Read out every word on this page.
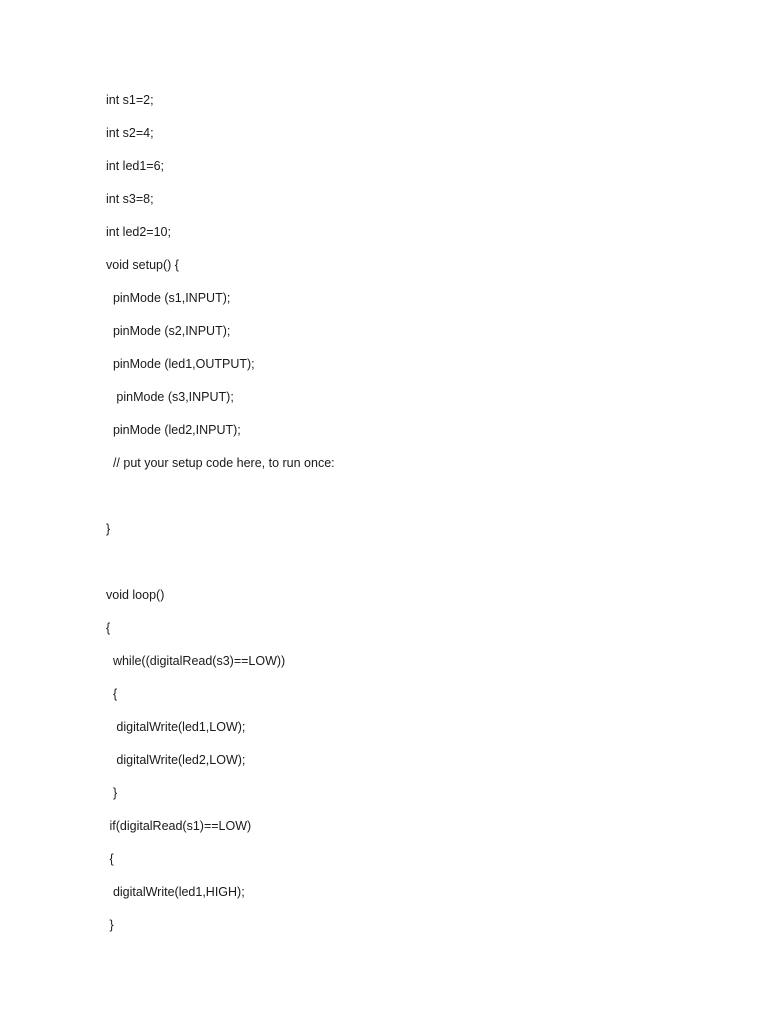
int s1=2;
int s2=4;
int led1=6;
int s3=8;
int led2=10;
void setup() {
pinMode (s1,INPUT);
pinMode (s2,INPUT);
pinMode (led1,OUTPUT);
pinMode (s3,INPUT);
pinMode (led2,INPUT);
// put your setup code here, to run once:
}
void loop()
{
while((digitalRead(s3)==LOW))
{
digitalWrite(led1,LOW);
digitalWrite(led2,LOW);
}
if(digitalRead(s1)==LOW)
{
digitalWrite(led1,HIGH);
}
